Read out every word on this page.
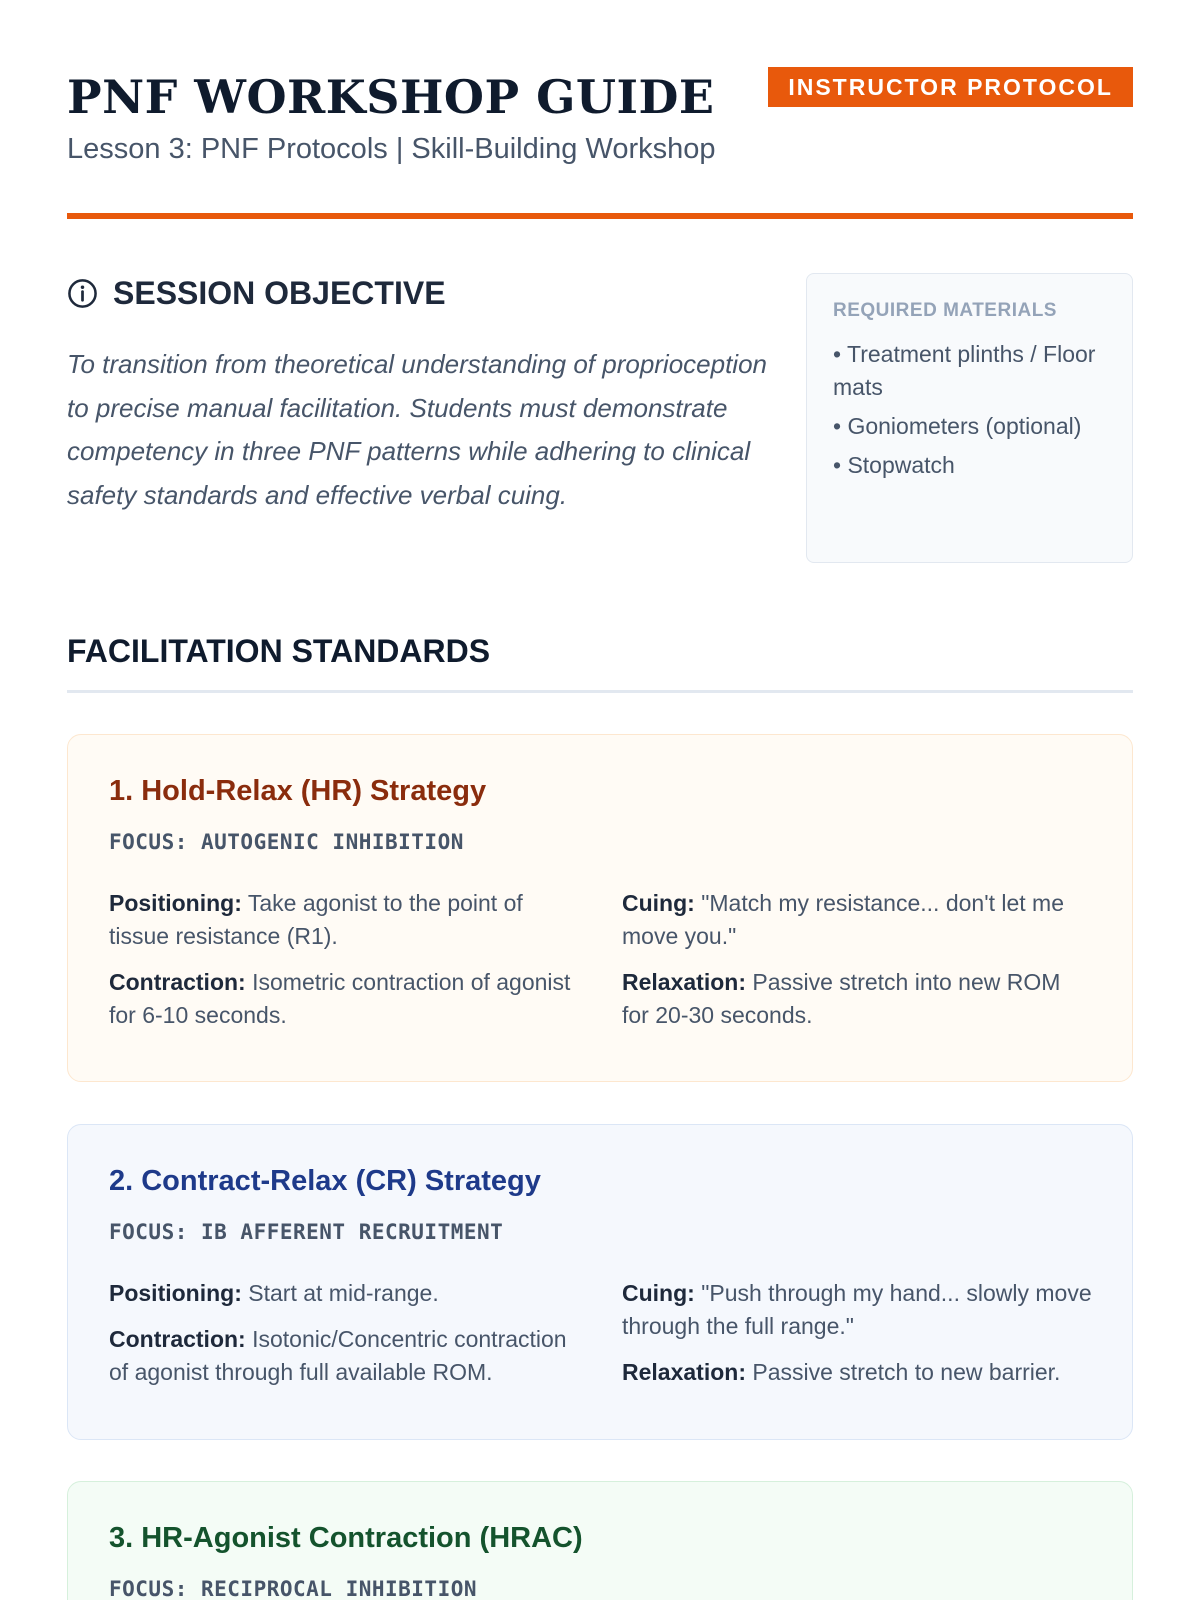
PNF WORKSHOP GUIDE
Lesson 3: PNF Protocols | Skill-Building Workshop
INSTRUCTOR PROTOCOL
SESSION OBJECTIVE

To transition from theoretical understanding of proprioception to precise manual facilitation. Students must demonstrate competency in three PNF patterns while adhering to clinical safety standards and effective verbal cuing.

REQUIRED MATERIALS
• Treatment plinths / Floor mats
• Goniometers (optional)
• Stopwatch
FACILITATION STANDARDS
1. Hold-Relax (HR) Strategy
FOCUS: AUTOGENIC INHIBITION

Positioning: Take agonist to the point of tissue resistance (R1).

Contraction: Isometric contraction of agonist for 6-10 seconds.

Cuing: "Match my resistance... don't let me move you."

Relaxation: Passive stretch into new ROM for 20-30 seconds.

2. Contract-Relax (CR) Strategy
FOCUS: IB AFFERENT RECRUITMENT

Positioning: Start at mid-range.

Contraction: Isotonic/Concentric contraction of agonist through full available ROM.

Cuing: "Push through my hand... slowly move through the full range."

Relaxation: Passive stretch to new barrier.

3. HR-Agonist Contraction (HRAC)
FOCUS: RECIPROCAL INHIBITION
